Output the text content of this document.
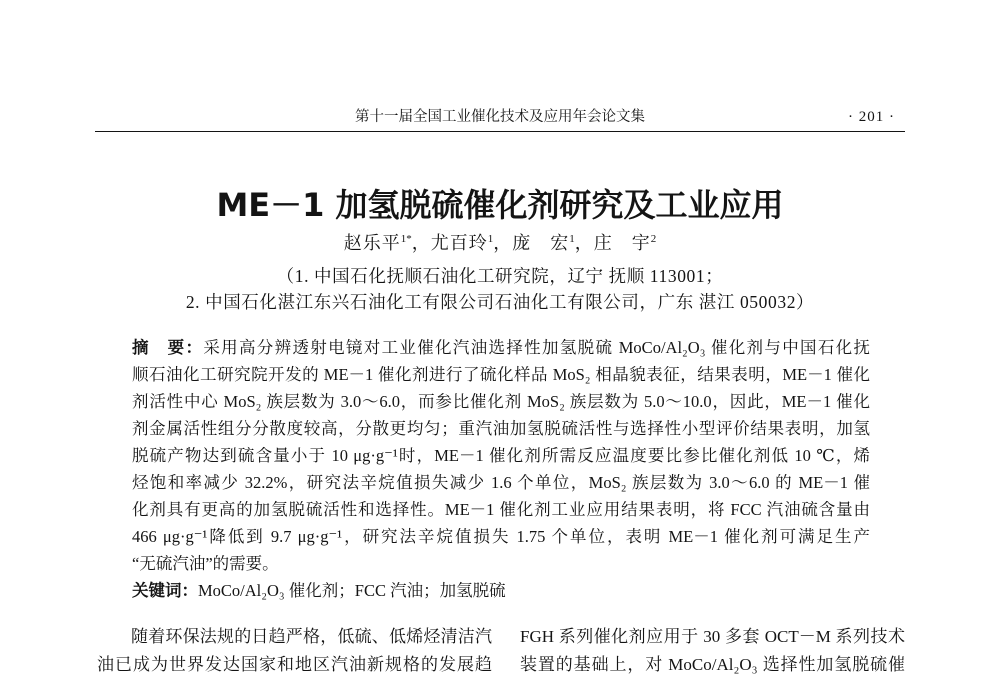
第十一届全国工业催化技术及应用年会论文集	· 201 ·
ME－1 加氢脱硫催化剂研究及工业应用
赵乐平$^{1*}$，尤百玲$^1$，庞　宏$^1$，庄　宇$^2$
（1. 中国石化抚顺石油化工研究院，辽宁 抚顺 113001；
2. 中国石化湛江东兴石油化工有限公司石油化工有限公司，广东 湛江 050032）
摘　要：采用高分辨透射电镜对工业催化汽油选择性加氢脱硫 MoCo/Al₂O₃ 催化剂与中国石化抚
顺石油化工研究院开发的 ME－1 催化剂进行了硫化样品 MoS₂ 相晶貌表征，结果表明，ME－1 催化
剂活性中心 MoS₂ 族层数为 3.0～6.0，而参比催化剂 MoS₂ 族层数为 5.0～10.0，因此，ME－1 催化
剂金属活性组分分散度较高，分散更均匀；重汽油加氢脱硫活性与选择性小型评价结果表明，加氢
脱硫产物达到硫含量小于 10 μg·g⁻¹时，ME－1 催化剂所需反应温度要比参比催化剂低 10 ℃，烯
烃饱和率减少 32.2%，研究法辛烷值损失减少 1.6 个单位，MoS₂ 族层数为 3.0～6.0 的 ME－1 催
化剂具有更高的加氢脱硫活性和选择性。ME－1 催化剂工业应用结果表明，将 FCC 汽油硫含量由
466 μg·g⁻¹降低到 9.7 μg·g⁻¹，研究法辛烷值损失 1.75 个单位，表明 ME－1 催化剂可满足生产
“无硫汽油”的需要。
关键词：MoCo/Al₂O₃ 催化剂；FCC 汽油；加氢脱硫
随着环保法规的日趋严格，低硫、低烯烃清洁汽
油已成为世界发达国家和地区汽油新规格的发展趋
FGH 系列催化剂应用于 30 多套 OCT－M 系列技术
装置的基础上，对 MoCo/Al₂O₃ 选择性加氢脱硫催
